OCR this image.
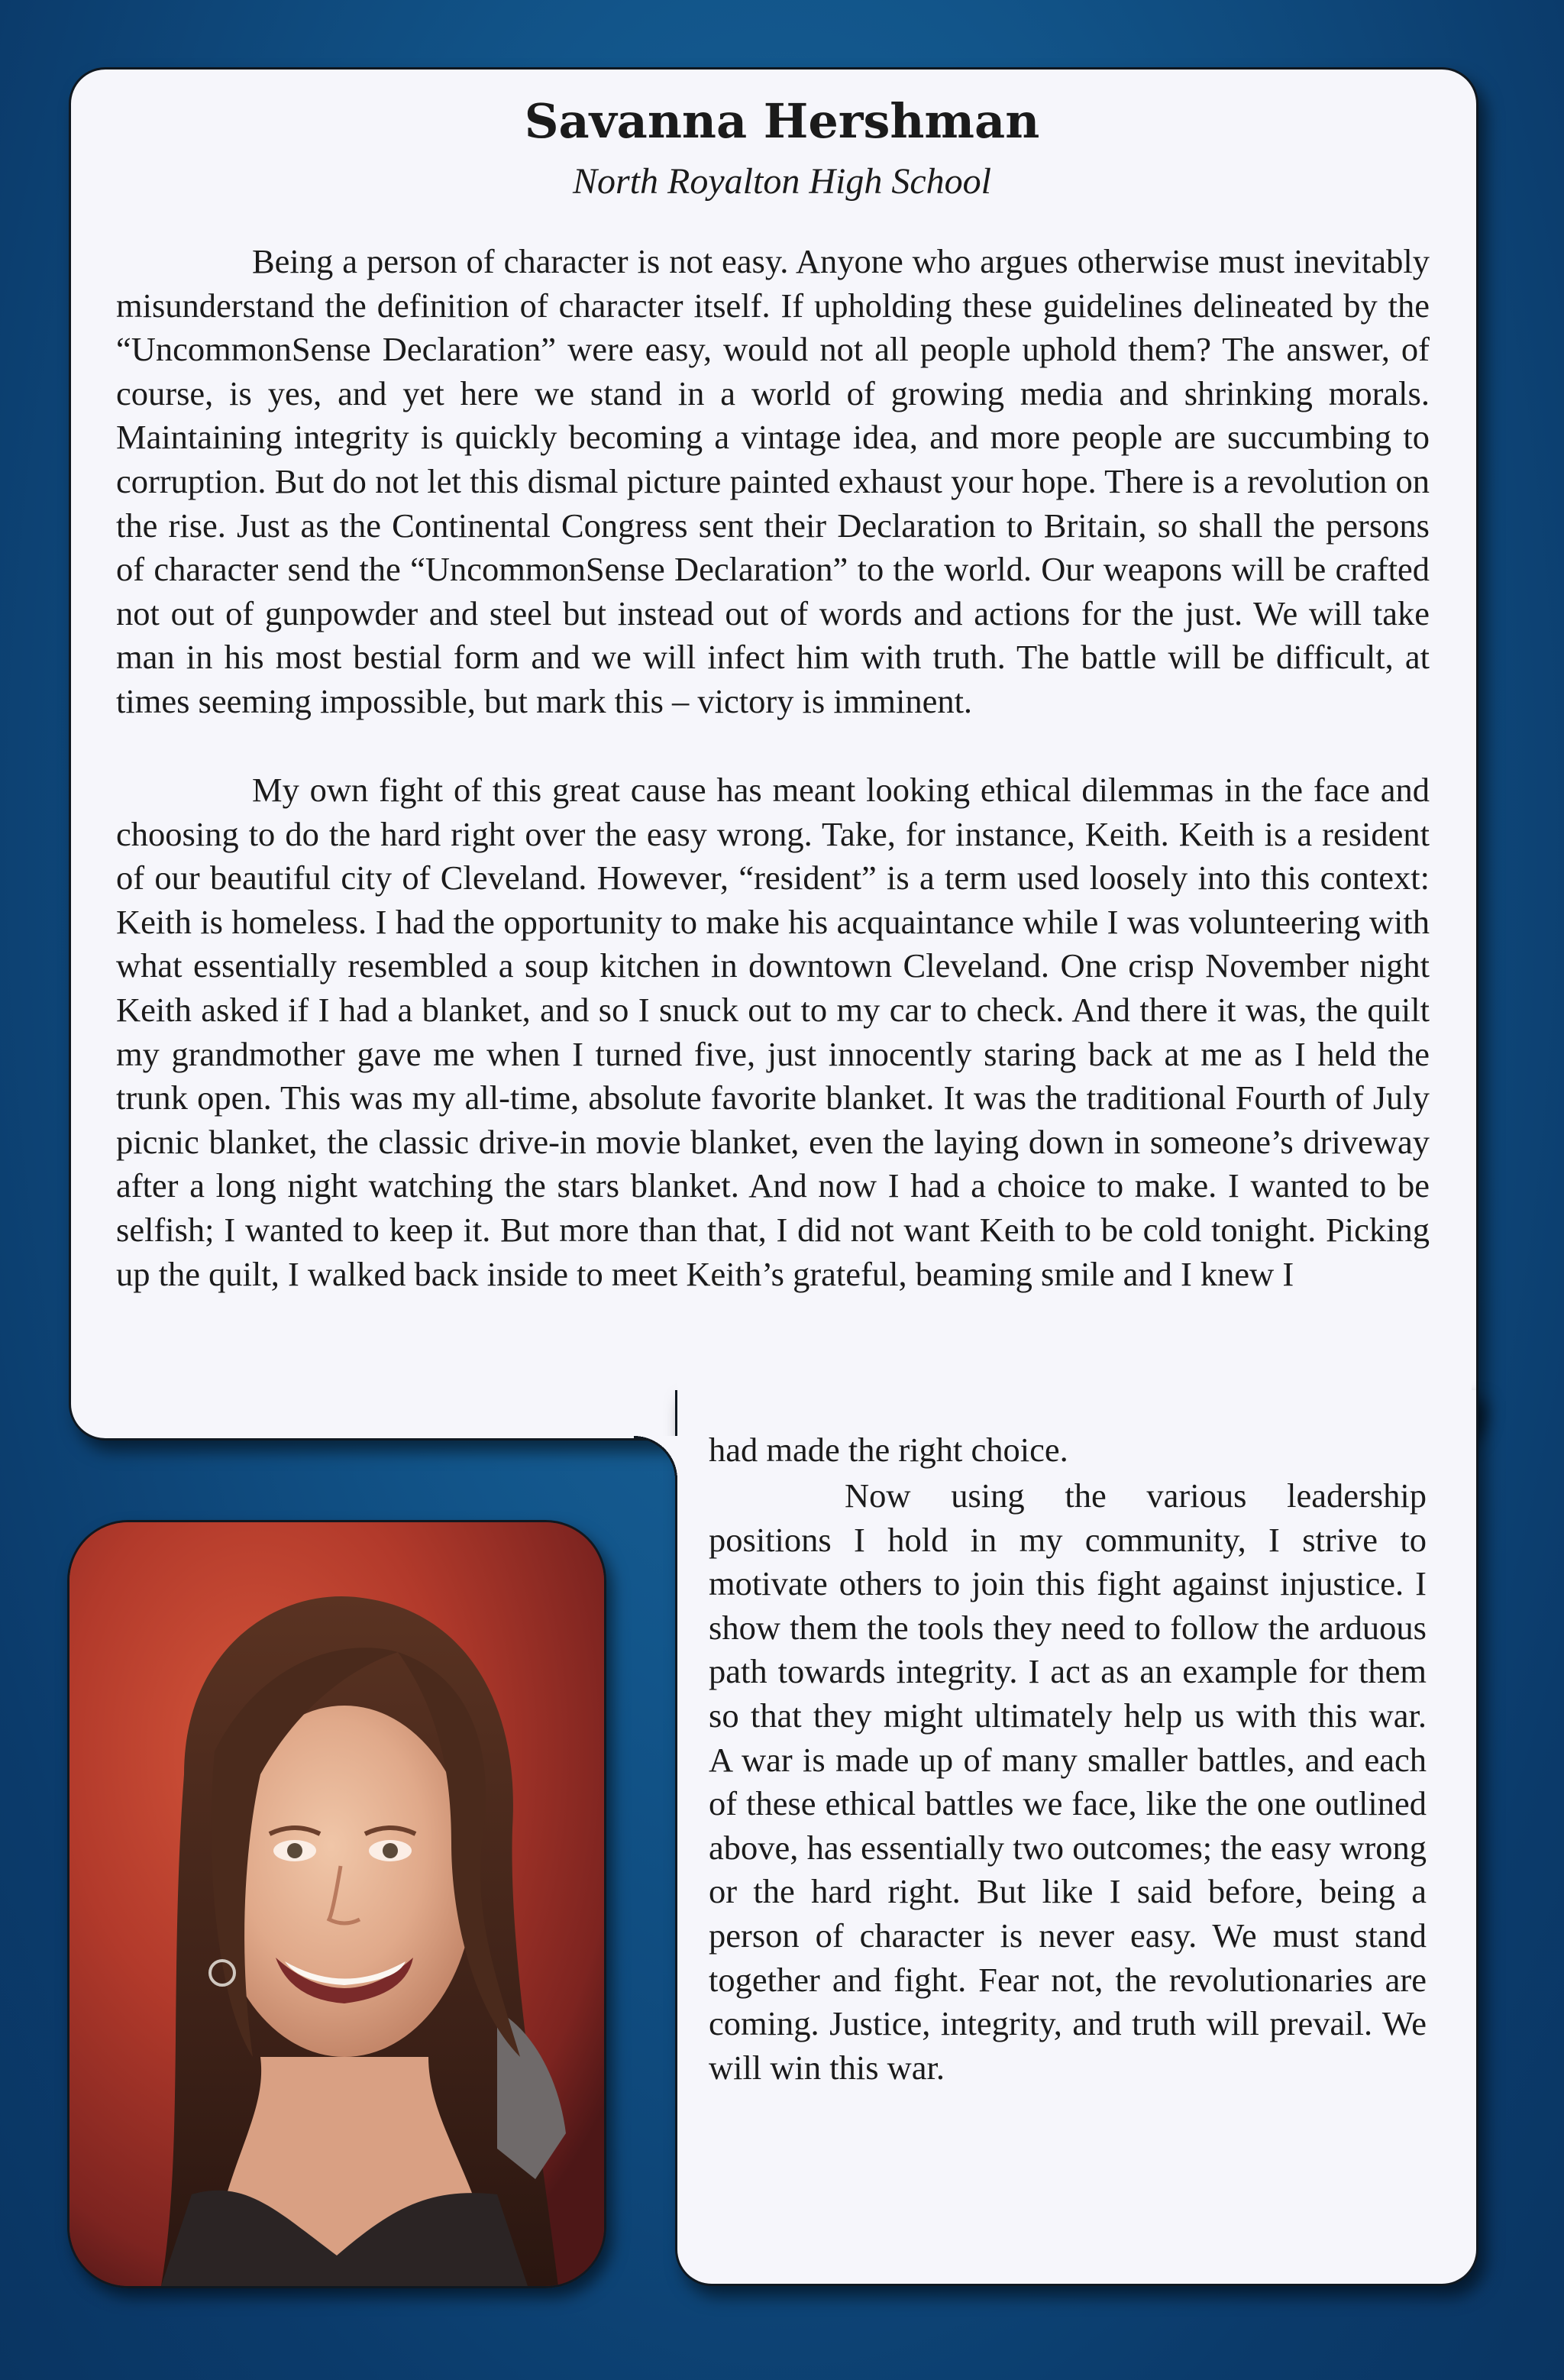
Savanna Hershman
North Royalton High School

Being a person of character is not easy. Anyone who argues otherwise must inevitably misunderstand the definition of character itself. If upholding these guidelines delineated by the “UncommonSense Declaration” were easy, would not all people uphold them? The answer, of course, is yes, and yet here we stand in a world of growing media and shrinking morals. Maintaining integrity is quickly becoming a vintage idea, and more people are succumbing to corruption. But do not let this dismal picture painted exhaust your hope. There is a revolution on the rise. Just as the Continental Congress sent their Declaration to Britain, so shall the persons of character send the “UncommonSense Declaration” to the world. Our weapons will be crafted not out of gunpowder and steel but instead out of words and actions for the just. We will take man in his most bestial form and we will infect him with truth. The battle will be difficult, at times seeming impossible, but mark this – victory is imminent.

My own fight of this great cause has meant looking ethical dilemmas in the face and choosing to do the hard right over the easy wrong. Take, for instance, Keith. Keith is a resident of our beautiful city of Cleveland. However, “resident” is a term used loosely into this context: Keith is homeless. I had the opportunity to make his acquaintance while I was volunteering with what essentially resembled a soup kitchen in downtown Cleveland. One crisp November night Keith asked if I had a blanket, and so I snuck out to my car to check. And there it was, the quilt my grandmother gave me when I turned five, just innocently staring back at me as I held the trunk open. This was my all-time, absolute favorite blanket. It was the traditional Fourth of July picnic blanket, the classic drive-in movie blanket, even the laying down in someone’s driveway after a long night watching the stars blanket. And now I had a choice to make. I wanted to be selfish; I wanted to keep it. But more than that, I did not want Keith to be cold tonight. Picking up the quilt, I walked back inside to meet Keith’s grateful, beaming smile and I knew I

had made the right choice.

Now using the various leadership positions I hold in my community, I strive to motivate others to join this fight against injustice. I show them the tools they need to follow the arduous path towards integrity. I act as an example for them so that they might ultimately help us with this war. A war is made up of many smaller battles, and each of these ethical battles we face, like the one outlined above, has essentially two outcomes; the easy wrong or the hard right. But like I said before, being a person of character is never easy. We must stand together and fight. Fear not, the revolutionaries are coming. Justice, integrity, and truth will prevail. We will win this war.
